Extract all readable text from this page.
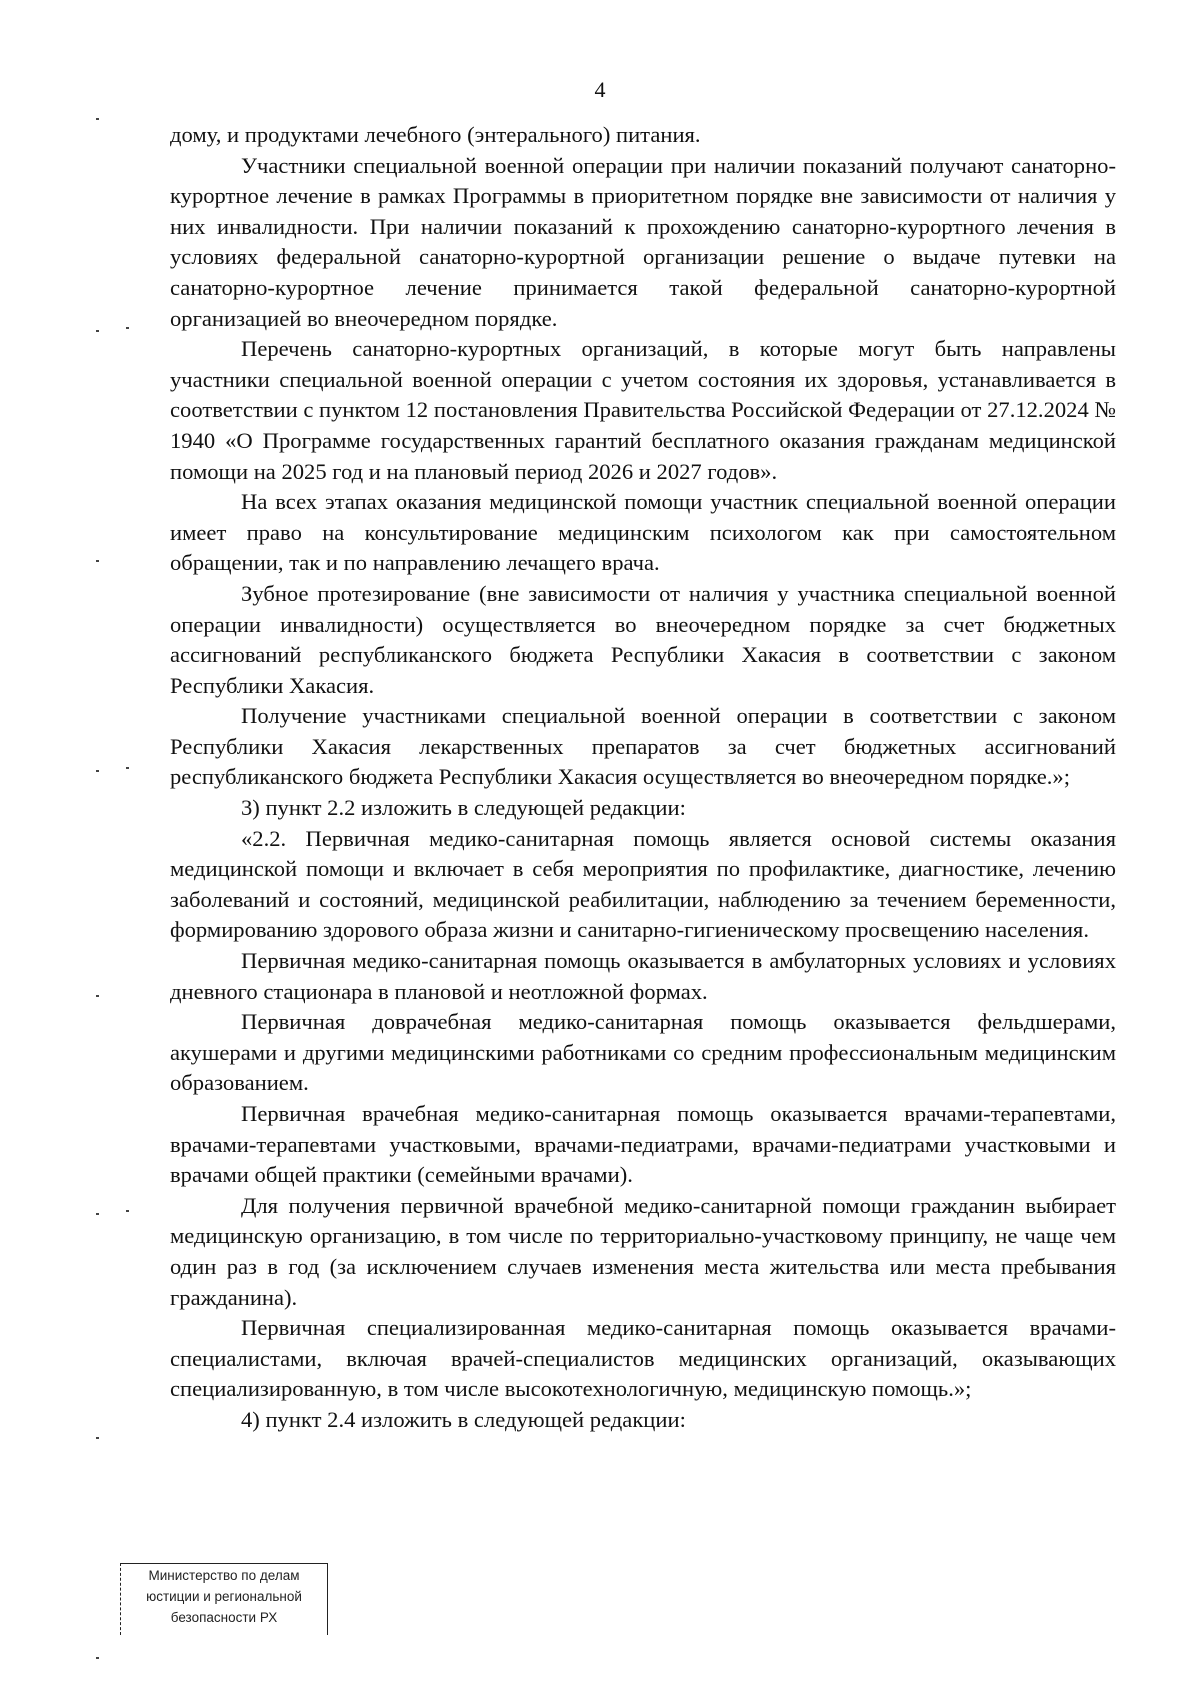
4

дому, и продуктами лечебного (энтерального) питания.

Участники специальной военной операции при наличии показаний получают санаторно-курортное лечение в рамках Программы в приоритетном порядке вне зависимости от наличия у них инвалидности. При наличии показаний к прохождению санаторно-курортного лечения в условиях федеральной санаторно-курортной организации решение о выдаче путевки на санаторно-курортное лечение принимается такой федеральной санаторно-курортной организацией во внеочередном порядке.

Перечень санаторно-курортных организаций, в которые могут быть направлены участники специальной военной операции с учетом состояния их здоровья, устанавливается в соответствии с пунктом 12 постановления Правительства Российской Федерации от 27.12.2024 № 1940 «О Программе государственных гарантий бесплатного оказания гражданам медицинской помощи на 2025 год и на плановый период 2026 и 2027 годов».

На всех этапах оказания медицинской помощи участник специальной военной операции имеет право на консультирование медицинским психологом как при самостоятельном обращении, так и по направлению лечащего врача.

Зубное протезирование (вне зависимости от наличия у участника специальной военной операции инвалидности) осуществляется во внеочередном порядке за счет бюджетных ассигнований республиканского бюджета Республики Хакасия в соответствии с законом Республики Хакасия.

Получение участниками специальной военной операции в соответствии с законом Республики Хакасия лекарственных препаратов за счет бюджетных ассигнований республиканского бюджета Республики Хакасия осуществляется во внеочередном порядке.»;

3) пункт 2.2 изложить в следующей редакции:

«2.2. Первичная медико-санитарная помощь является основой системы оказания медицинской помощи и включает в себя мероприятия по профилактике, диагностике, лечению заболеваний и состояний, медицинской реабилитации, наблюдению за течением беременности, формированию здорового образа жизни и санитарно-гигиеническому просвещению населения.

Первичная медико-санитарная помощь оказывается в амбулаторных условиях и условиях дневного стационара в плановой и неотложной формах.

Первичная доврачебная медико-санитарная помощь оказывается фельдшерами, акушерами и другими медицинскими работниками со средним профессиональным медицинским образованием.

Первичная врачебная медико-санитарная помощь оказывается врачами-терапевтами, врачами-терапевтами участковыми, врачами-педиатрами, врачами-педиатрами участковыми и врачами общей практики (семейными врачами).

Для получения первичной врачебной медико-санитарной помощи гражданин выбирает медицинскую организацию, в том числе по территориально-участковому принципу, не чаще чем один раз в год (за исключением случаев изменения места жительства или места пребывания гражданина).

Первичная специализированная медико-санитарная помощь оказывается врачами-специалистами, включая врачей-специалистов медицинских организаций, оказывающих специализированную, в том числе высокотехнологичную, медицинскую помощь.»;

4) пункт 2.4 изложить в следующей редакции:

Министерство по делам
юстиции и региональной
безопасности РХ
